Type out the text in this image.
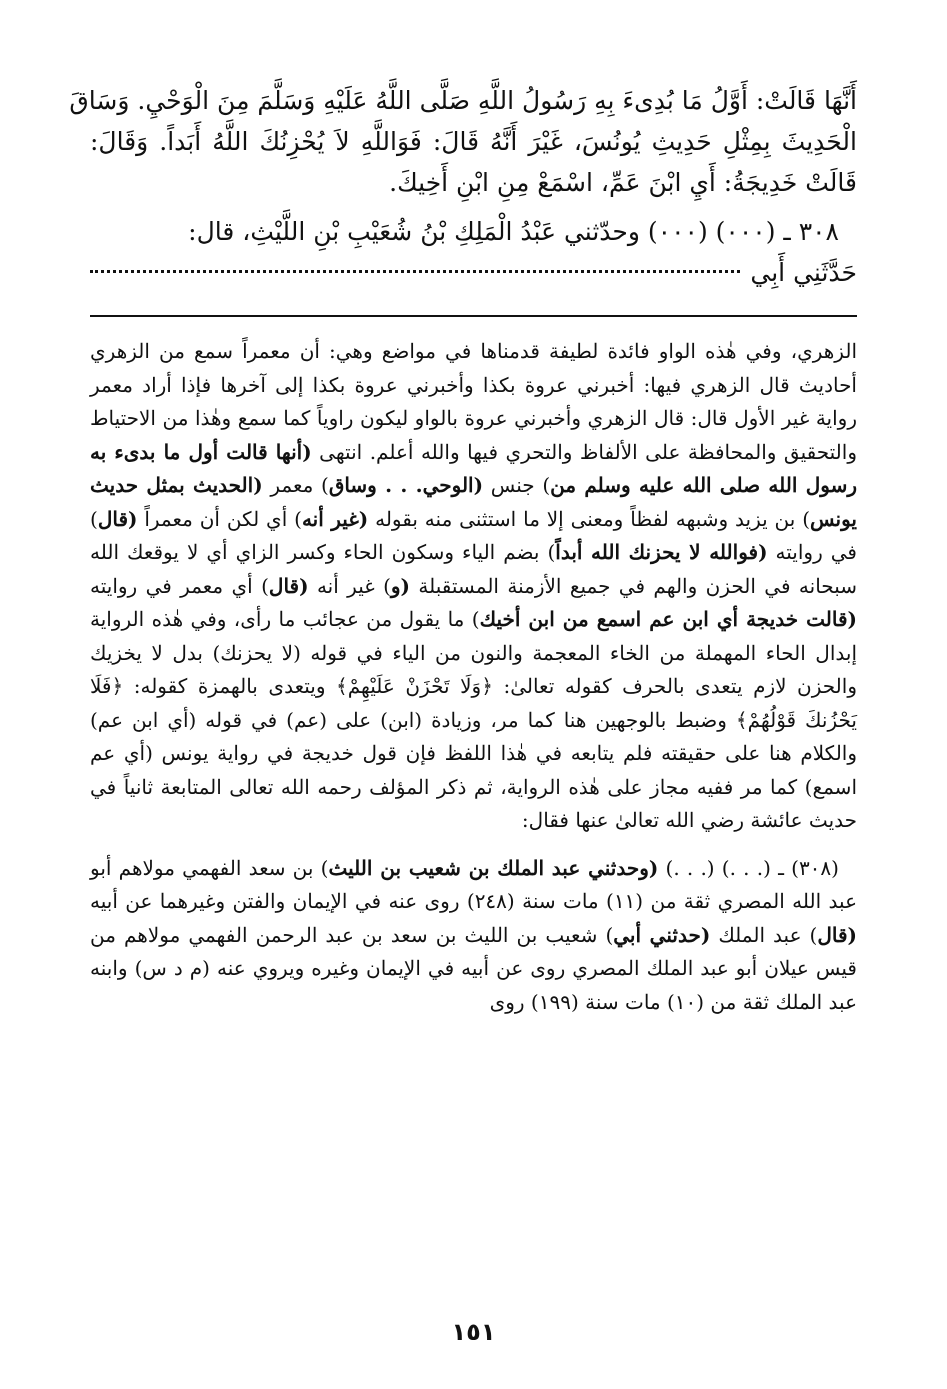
أَنَّهَا قَالَتْ: أَوَّلُ مَا بُدِىءَ بِهِ رَسُولُ اللَّهِ صَلَّى اللَّهُ عَلَيْهِ وَسَلَّمَ مِنَ الْوَحْيِ. وَسَاقَ
الْحَدِيثَ بِمِثْلِ حَدِيثِ يُونُسَ، غَيْرَ أَنَّهُ قَالَ: فَوَاللَّهِ لاَ يُحْزِنُكَ اللَّهُ أَبَداً. وَقَالَ:
قَالَتْ خَدِيجَةُ: أَيِ ابْنَ عَمِّ، اسْمَعْ مِنِ ابْنِ أَخِيكَ.

٣٠٨ ـ (٠٠٠) (٠٠٠) وحدّثني عَبْدُ الْمَلِكِ بْنُ شُعَيْبِ بْنِ اللَّيْثِ، قال:

حَدَّثَنِي أَبِي

الزهري، وفي هٰذه الواو فائدة لطيفة قدمناها في مواضع وهي: أن معمراً سمع من الزهري أحاديث قال الزهري فيها: أخبرني عروة بكذا وأخبرني عروة بكذا إلى آخرها فإذا أراد معمر رواية غير الأول قال: قال الزهري وأخبرني عروة بالواو ليكون راوياً كما سمع وهٰذا من الاحتياط والتحقيق والمحافظة على الألفاظ والتحري فيها والله أعلم. انتهى (أنها قالت أول ما بدىء به رسول الله صلى الله عليه وسلم من) جنس (الوحي. . . وساق) معمر (الحديث بمثل حديث يونس) بن يزيد وشبهه لفظاً ومعنى إلا ما استثنى منه بقوله (غير أنه) أي لكن أن معمراً (قال) في روايته (فوالله لا يحزنك الله أبداً) بضم الياء وسكون الحاء وكسر الزاي أي لا يوقعك الله سبحانه في الحزن والهم في جميع الأزمنة المستقبلة (و) غير أنه (قال) أي معمر في روايته (قالت خديجة أي ابن عم اسمع من ابن أخيك) ما يقول من عجائب ما رأى، وفي هٰذه الرواية إبدال الحاء المهملة من الخاء المعجمة والنون من الياء في قوله (لا يحزنك) بدل لا يخزيك والحزن لازم يتعدى بالحرف كقوله تعالىٰ: ﴿وَلَا تَحْزَنْ عَلَيْهِمْ﴾ ويتعدى بالهمزة كقوله: ﴿فَلَا يَحْزُنكَ قَوْلُهُمْ﴾ وضبط بالوجهين هنا كما مر، وزيادة (ابن) على (عم) في قوله (أي ابن عم) والكلام هنا على حقيقته فلم يتابعه في هٰذا اللفظ فإن قول خديجة في رواية يونس (أي عم اسمع) كما مر ففيه مجاز على هٰذه الرواية، ثم ذكر المؤلف رحمه الله تعالى المتابعة ثانياً في حديث عائشة رضي الله تعالىٰ عنها فقال:

(٣٠٨) ـ (. . .) (. . .) (وحدثني عبد الملك بن شعيب بن الليث) بن سعد الفهمي مولاهم أبو عبد الله المصري ثقة من (١١) مات سنة (٢٤٨) روى عنه في الإيمان والفتن وغيرهما عن أبيه (قال) عبد الملك (حدثني أبي) شعيب بن الليث بن سعد بن عبد الرحمن الفهمي مولاهم من قيس عيلان أبو عبد الملك المصري روى عن أبيه في الإيمان وغيره ويروي عنه (م د س) وابنه عبد الملك ثقة من (١٠) مات سنة (١٩٩) روى

١٥١
